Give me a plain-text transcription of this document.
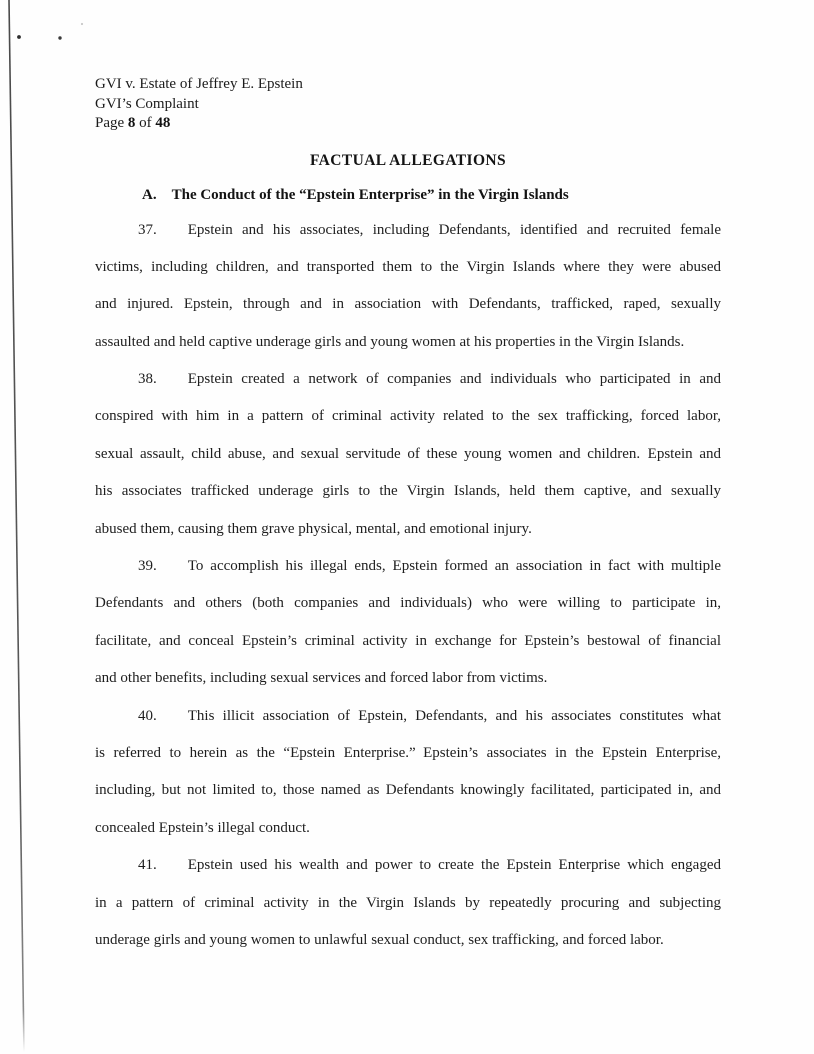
GVI v. Estate of Jeffrey E. Epstein
GVI’s Complaint
Page 8 of 48
FACTUAL ALLEGATIONS
A. The Conduct of the “Epstein Enterprise” in the Virgin Islands
37. Epstein and his associates, including Defendants, identified and recruited female
victims, including children, and transported them to the Virgin Islands where they were abused
and injured. Epstein, through and in association with Defendants, trafficked, raped, sexually
assaulted and held captive underage girls and young women at his properties in the Virgin Islands.
38. Epstein created a network of companies and individuals who participated in and
conspired with him in a pattern of criminal activity related to the sex trafficking, forced labor,
sexual assault, child abuse, and sexual servitude of these young women and children. Epstein and
his associates trafficked underage girls to the Virgin Islands, held them captive, and sexually
abused them, causing them grave physical, mental, and emotional injury.
39. To accomplish his illegal ends, Epstein formed an association in fact with multiple
Defendants and others (both companies and individuals) who were willing to participate in,
facilitate, and conceal Epstein’s criminal activity in exchange for Epstein’s bestowal of financial
and other benefits, including sexual services and forced labor from victims.
40. This illicit association of Epstein, Defendants, and his associates constitutes what
is referred to herein as the “Epstein Enterprise.” Epstein’s associates in the Epstein Enterprise,
including, but not limited to, those named as Defendants knowingly facilitated, participated in, and
concealed Epstein’s illegal conduct.
41. Epstein used his wealth and power to create the Epstein Enterprise which engaged
in a pattern of criminal activity in the Virgin Islands by repeatedly procuring and subjecting
underage girls and young women to unlawful sexual conduct, sex trafficking, and forced labor.
